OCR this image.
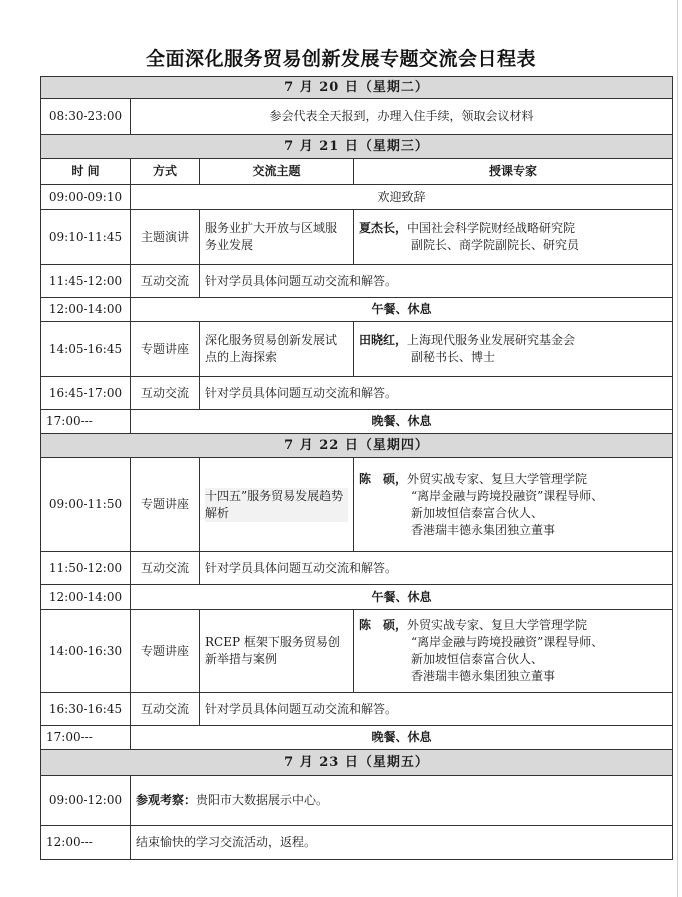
全面深化服务贸易创新发展专题交流会日程表
7 月 20 日（星期二）			
08:30-23:00	参会代表全天报到，办理入住手续，领取会议材料		
7 月 21 日（星期三）			
时 间	方式	交流主题	授课专家
09:00-09:10	欢迎致辞		
09:10-11:45	主题演讲	服务业扩大开放与区域服务业发展	夏杰长，中国社会科学院财经战略研究院
副院长、商学院副院长、研究员

11:45-12:00	互动交流	针对学员具体问题互动交流和解答。	
12:00-14:00	午餐、休息		
14:05-16:45	专题讲座	深化服务贸易创新发展试点的上海探索	田晓红，上海现代服务业发展研究基金会
副秘书长、博士

16:45-17:00	互动交流	针对学员具体问题互动交流和解答。	
17:00---	晚餐、休息		
7 月 22 日（星期四）			
09:00-11:50	专题讲座	十四五”服务贸易发展趋势解析	陈　硕，外贸实战专家、复旦大学管理学院
“离岸金融与跨境投融资”课程导师、
新加坡恒信泰富合伙人、
香港瑞丰德永集团独立董事

11:50-12:00	互动交流	针对学员具体问题互动交流和解答。	
12:00-14:00	午餐、休息		
14:00-16:30	专题讲座	RCEP 框架下服务贸易创新举措与案例	陈　硕，外贸实战专家、复旦大学管理学院
“离岸金融与跨境投融资”课程导师、
新加坡恒信泰富合伙人、
香港瑞丰德永集团独立董事

16:30-16:45	互动交流	针对学员具体问题互动交流和解答。	
17:00---	晚餐、休息		
7 月 23 日（星期五）			
09:00-12:00	参观考察：贵阳市大数据展示中心。		
12:00---	结束愉快的学习交流活动，返程。		
